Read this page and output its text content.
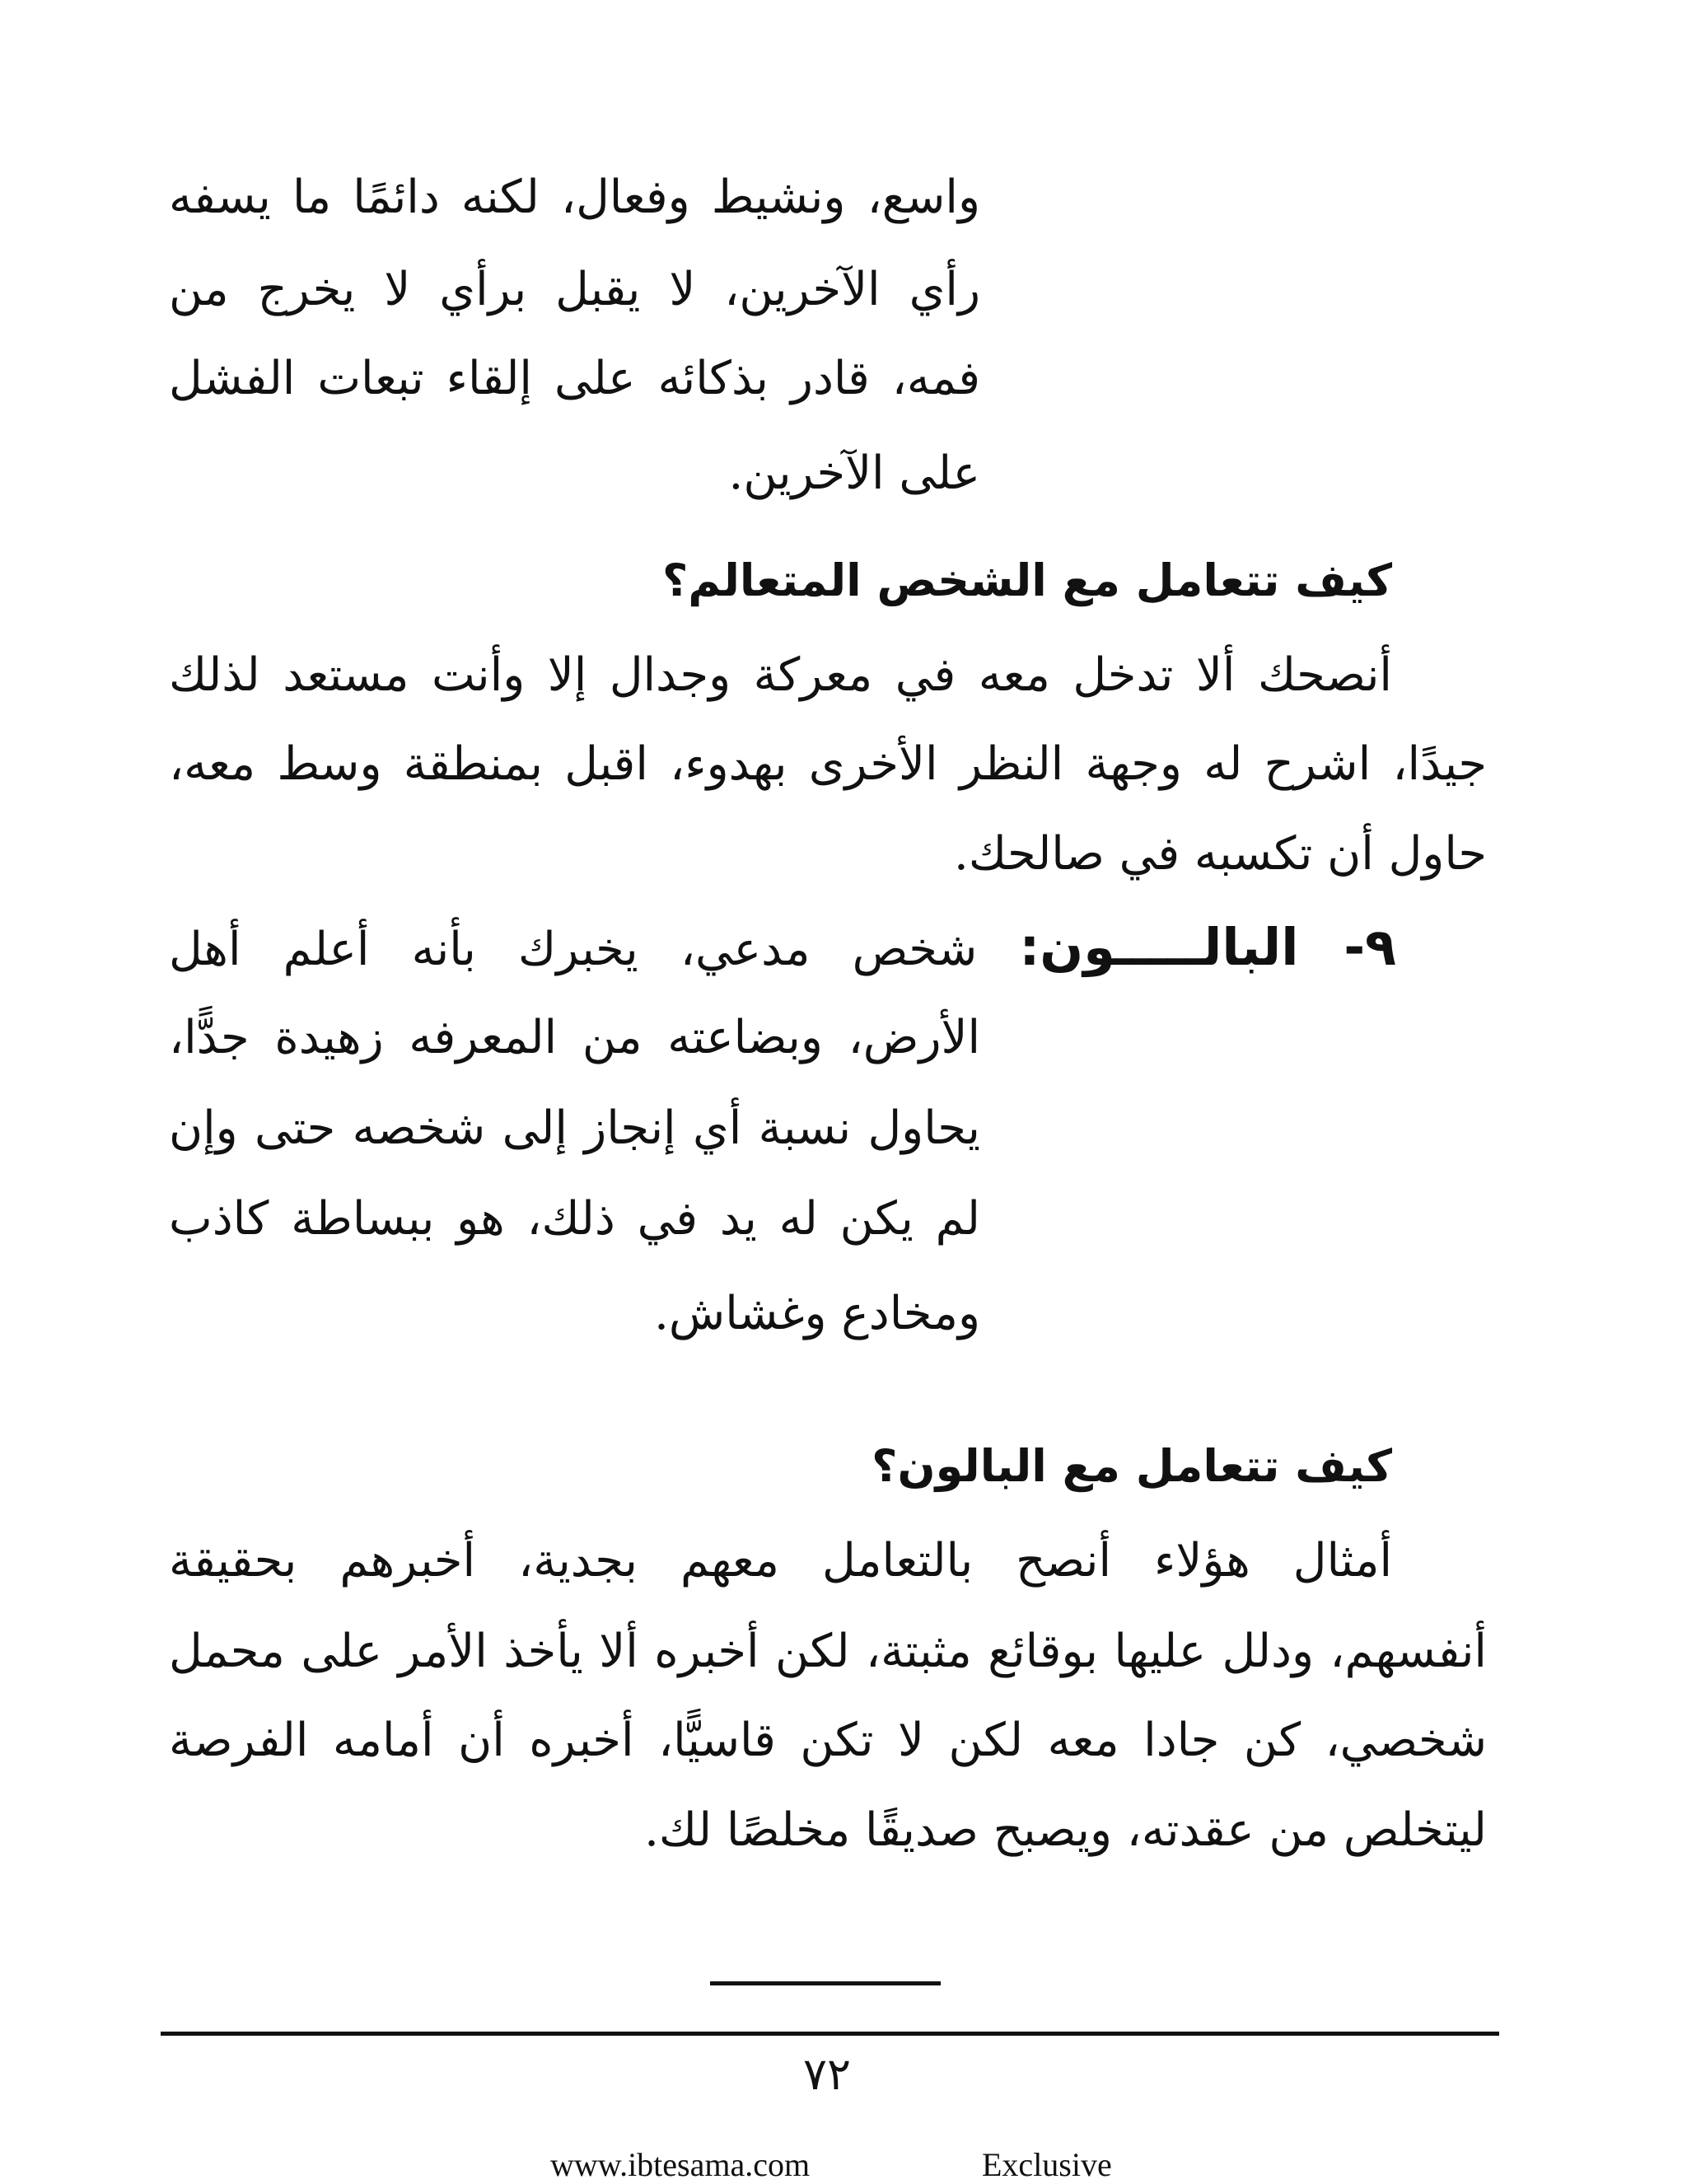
واسع، ونشيط وفعال، لكنه دائمًا ما يسفه
رأي الآخرين، لا يقبل برأي لا يخرج من
فمه، قادر بذكائه على إلقاء تبعات الفشل
على الآخرين.
كيف تتعامل مع الشخص المتعالم؟
أنصحك ألا تدخل معه في معركة وجدال إلا وأنت مستعد لذلك
جيدًا، اشرح له وجهة النظر الأخرى بهدوء، اقبل بمنطقة وسط معه،
حاول أن تكسبه في صالحك.
٩- البالـــــون: شخص مدعي، يخبرك بأنه أعلم أهل
الأرض، وبضاعته من المعرفه زهيدة جدًّا،
يحاول نسبة أي إنجاز إلى شخصه حتى وإن
لم يكن له يد في ذلك، هو ببساطة كاذب
ومخادع وغشاش.
كيف تتعامل مع البالون؟
أمثال هؤلاء أنصح بالتعامل معهم بجدية، أخبرهم بحقيقة
أنفسهم، ودلل عليها بوقائع مثبتة، لكن أخبره ألا يأخذ الأمر على محمل
شخصي، كن جادا معه لكن لا تكن قاسيًّا، أخبره أن أمامه الفرصة
ليتخلص من عقدته، ويصبح صديقًا مخلصًا لك.
٧٢
www.ibtesama.com	Exclusive
